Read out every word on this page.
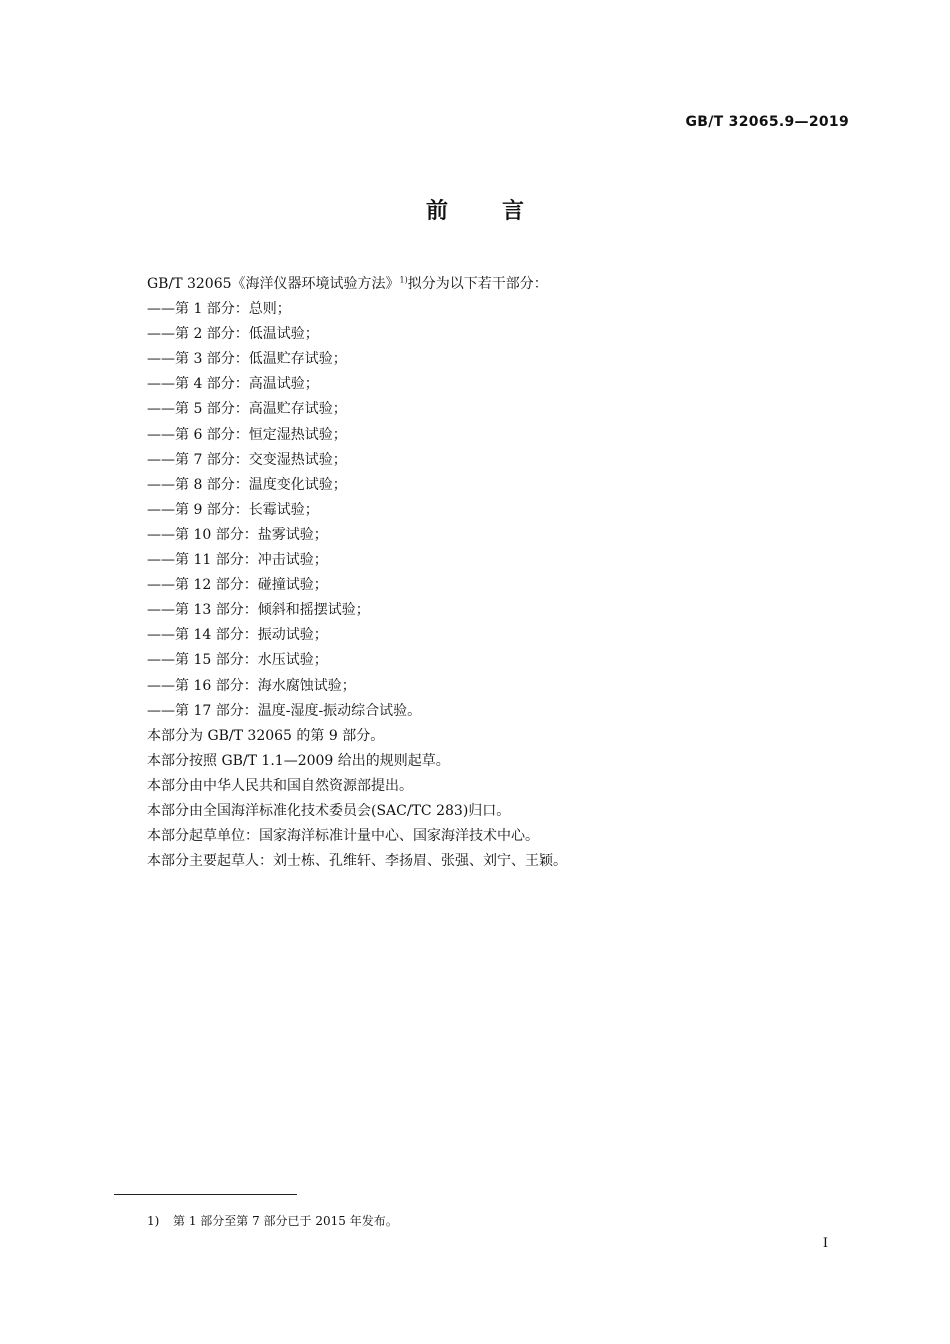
GB/T 32065.9—2019
前 言
GB/T 32065《海洋仪器环境试验方法》$^{1)}$拟分为以下若干部分：
——第 1 部分：总则；
——第 2 部分：低温试验；
——第 3 部分：低温贮存试验；
——第 4 部分：高温试验；
——第 5 部分：高温贮存试验；
——第 6 部分：恒定湿热试验；
——第 7 部分：交变湿热试验；
——第 8 部分：温度变化试验；
——第 9 部分：长霉试验；
——第 10 部分：盐雾试验；
——第 11 部分：冲击试验；
——第 12 部分：碰撞试验；
——第 13 部分：倾斜和摇摆试验；
——第 14 部分：振动试验；
——第 15 部分：水压试验；
——第 16 部分：海水腐蚀试验；
——第 17 部分：温度-湿度-振动综合试验。
本部分为 GB/T 32065 的第 9 部分。
本部分按照 GB/T 1.1—2009 给出的规则起草。
本部分由中华人民共和国自然资源部提出。
本部分由全国海洋标准化技术委员会(SAC/TC 283)归口。
本部分起草单位：国家海洋标准计量中心、国家海洋技术中心。
本部分主要起草人：刘士栋、孔维轩、李扬眉、张强、刘宁、王颖。
1) 第 1 部分至第 7 部分已于 2015 年发布。
I
